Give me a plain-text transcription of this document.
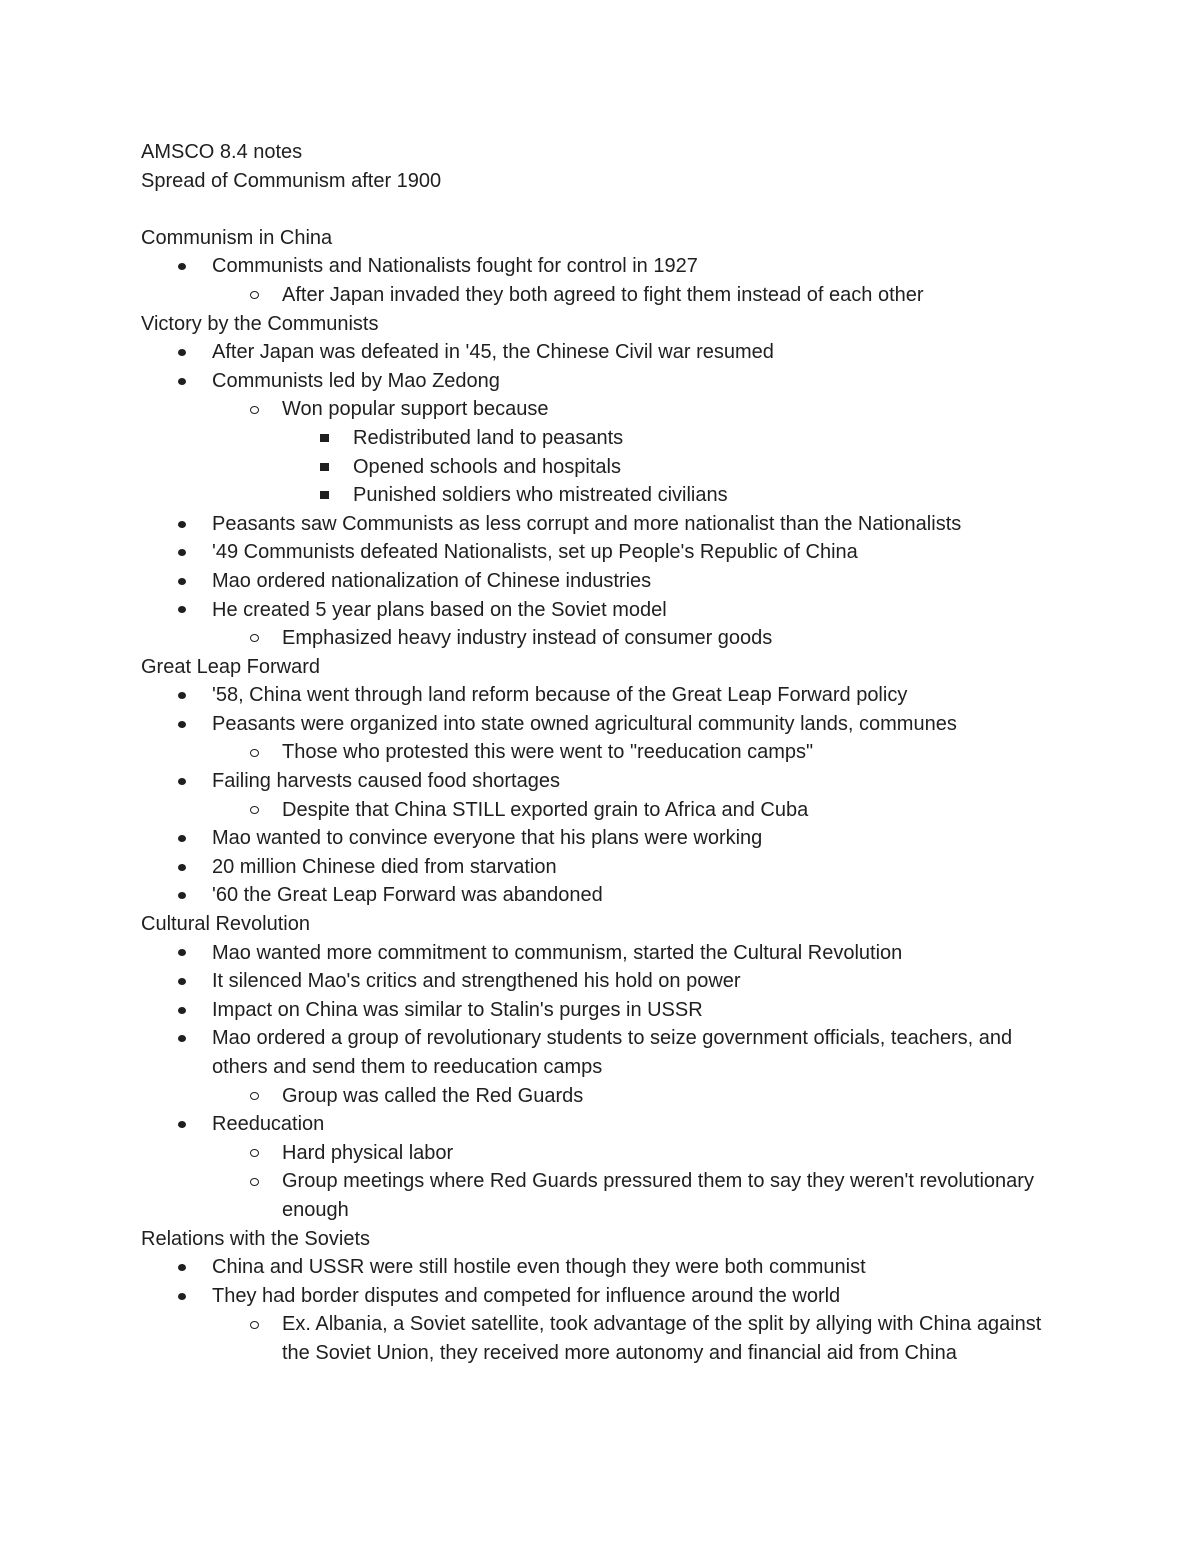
AMSCO 8.4 notes
Spread of Communism after 1900
Communism in China
Communists and Nationalists fought for control in 1927
After Japan invaded they both agreed to fight them instead of each other
Victory by the Communists
After Japan was defeated in '45, the Chinese Civil war resumed
Communists led by Mao Zedong
Won popular support because
Redistributed land to peasants
Opened schools and hospitals
Punished soldiers who mistreated civilians
Peasants saw Communists as less corrupt and more nationalist than the Nationalists
'49 Communists defeated Nationalists, set up People's Republic of China
Mao ordered nationalization of Chinese industries
He created 5 year plans based on the Soviet model
Emphasized heavy industry instead of consumer goods
Great Leap Forward
'58, China went through land reform because of the Great Leap Forward policy
Peasants were organized into state owned agricultural community lands, communes
Those who protested this were went to "reeducation camps"
Failing harvests caused food shortages
Despite that China STILL exported grain to Africa and Cuba
Mao wanted to convince everyone that his plans were working
20 million Chinese died from starvation
'60 the Great Leap Forward was abandoned
Cultural Revolution
Mao wanted more commitment to communism, started the Cultural Revolution
It silenced Mao's critics and strengthened his hold on power
Impact on China was similar to Stalin's purges in USSR
Mao ordered a group of revolutionary students to seize government officials, teachers, and others and send them to reeducation camps
Group was called the Red Guards
Reeducation
Hard physical labor
Group meetings where Red Guards pressured them to say they weren't revolutionary enough
Relations with the Soviets
China and USSR were still hostile even though they were both communist
They had border disputes and competed for influence around the world
Ex. Albania, a Soviet satellite, took advantage of the split by allying with China against the Soviet Union, they received more autonomy and financial aid from China
